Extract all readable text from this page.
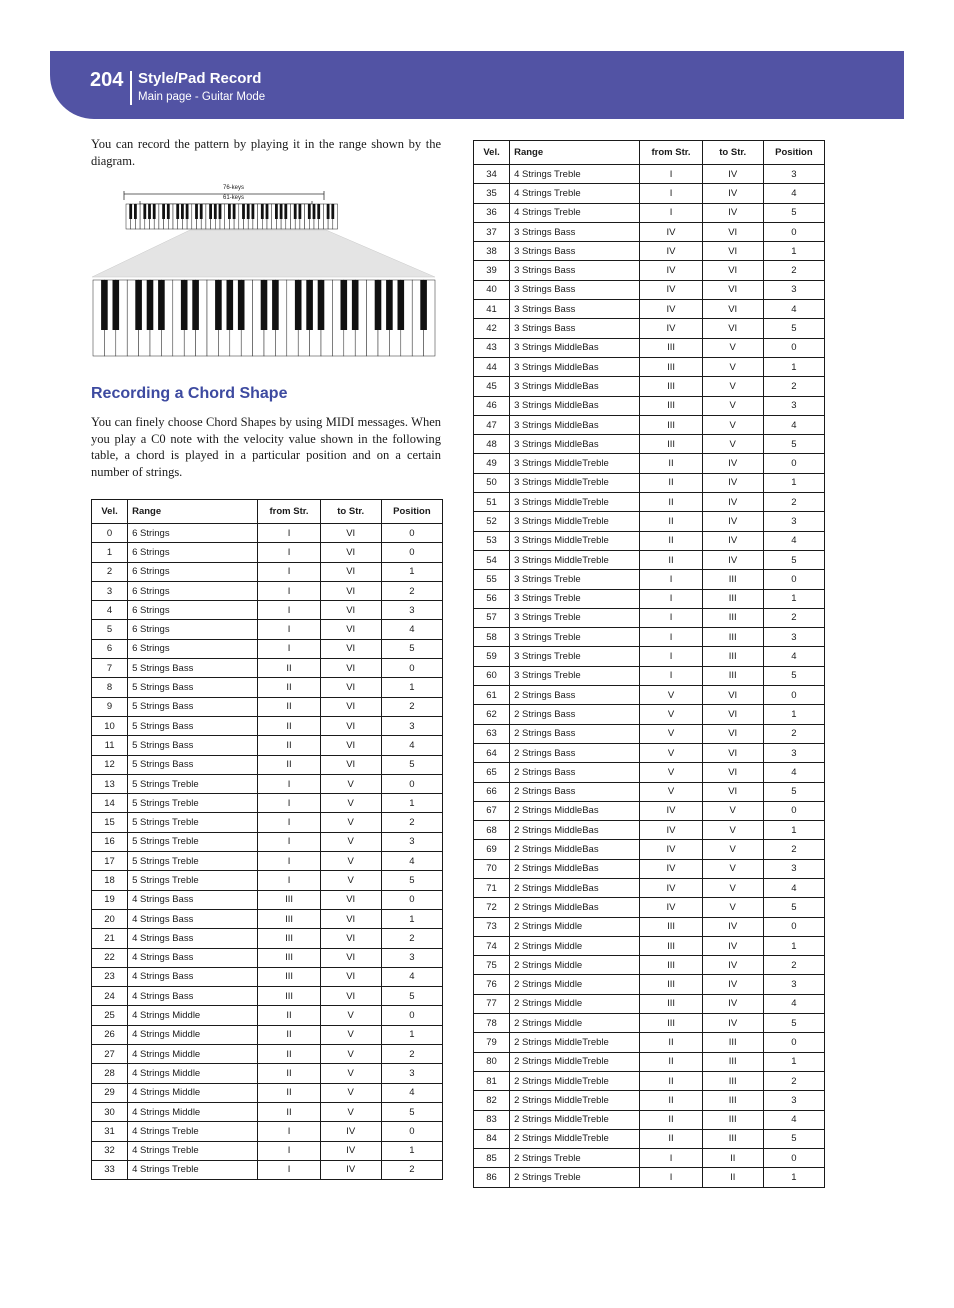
204 Style/Pad Record
Main page - Guitar Mode

You can record the pattern by playing it in the range shown by the diagram.

76-keys
61-keys
Recording a Chord Shape

You can finely choose Chord Shapes by using MIDI messages. When you play a C0 note with the velocity value shown in the following table, a chord is played in a particular position and on a certain number of strings.

Vel.	Range	from Str.	to Str.	Position
0	6 Strings	I	VI	0
1	6 Strings	I	VI	0
2	6 Strings	I	VI	1
3	6 Strings	I	VI	2
4	6 Strings	I	VI	3
5	6 Strings	I	VI	4
6	6 Strings	I	VI	5
7	5 Strings Bass	II	VI	0
8	5 Strings Bass	II	VI	1
9	5 Strings Bass	II	VI	2
10	5 Strings Bass	II	VI	3
11	5 Strings Bass	II	VI	4
12	5 Strings Bass	II	VI	5
13	5 Strings Treble	I	V	0
14	5 Strings Treble	I	V	1
15	5 Strings Treble	I	V	2
16	5 Strings Treble	I	V	3
17	5 Strings Treble	I	V	4
18	5 Strings Treble	I	V	5
19	4 Strings Bass	III	VI	0
20	4 Strings Bass	III	VI	1
21	4 Strings Bass	III	VI	2
22	4 Strings Bass	III	VI	3
23	4 Strings Bass	III	VI	4
24	4 Strings Bass	III	VI	5
25	4 Strings Middle	II	V	0
26	4 Strings Middle	II	V	1
27	4 Strings Middle	II	V	2
28	4 Strings Middle	II	V	3
29	4 Strings Middle	II	V	4
30	4 Strings Middle	II	V	5
31	4 Strings Treble	I	IV	0
32	4 Strings Treble	I	IV	1
33	4 Strings Treble	I	IV	2
Vel.	Range	from Str.	to Str.	Position
34	4 Strings Treble	I	IV	3
35	4 Strings Treble	I	IV	4
36	4 Strings Treble	I	IV	5
37	3 Strings Bass	IV	VI	0
38	3 Strings Bass	IV	VI	1
39	3 Strings Bass	IV	VI	2
40	3 Strings Bass	IV	VI	3
41	3 Strings Bass	IV	VI	4
42	3 Strings Bass	IV	VI	5
43	3 Strings MiddleBas	III	V	0
44	3 Strings MiddleBas	III	V	1
45	3 Strings MiddleBas	III	V	2
46	3 Strings MiddleBas	III	V	3
47	3 Strings MiddleBas	III	V	4
48	3 Strings MiddleBas	III	V	5
49	3 Strings MiddleTreble	II	IV	0
50	3 Strings MiddleTreble	II	IV	1
51	3 Strings MiddleTreble	II	IV	2
52	3 Strings MiddleTreble	II	IV	3
53	3 Strings MiddleTreble	II	IV	4
54	3 Strings MiddleTreble	II	IV	5
55	3 Strings Treble	I	III	0
56	3 Strings Treble	I	III	1
57	3 Strings Treble	I	III	2
58	3 Strings Treble	I	III	3
59	3 Strings Treble	I	III	4
60	3 Strings Treble	I	III	5
61	2 Strings Bass	V	VI	0
62	2 Strings Bass	V	VI	1
63	2 Strings Bass	V	VI	2
64	2 Strings Bass	V	VI	3
65	2 Strings Bass	V	VI	4
66	2 Strings Bass	V	VI	5
67	2 Strings MiddleBas	IV	V	0
68	2 Strings MiddleBas	IV	V	1
69	2 Strings MiddleBas	IV	V	2
70	2 Strings MiddleBas	IV	V	3
71	2 Strings MiddleBas	IV	V	4
72	2 Strings MiddleBas	IV	V	5
73	2 Strings Middle	III	IV	0
74	2 Strings Middle	III	IV	1
75	2 Strings Middle	III	IV	2
76	2 Strings Middle	III	IV	3
77	2 Strings Middle	III	IV	4
78	2 Strings Middle	III	IV	5
79	2 Strings MiddleTreble	II	III	0
80	2 Strings MiddleTreble	II	III	1
81	2 Strings MiddleTreble	II	III	2
82	2 Strings MiddleTreble	II	III	3
83	2 Strings MiddleTreble	II	III	4
84	2 Strings MiddleTreble	II	III	5
85	2 Strings Treble	I	II	0
86	2 Strings Treble	I	II	1
